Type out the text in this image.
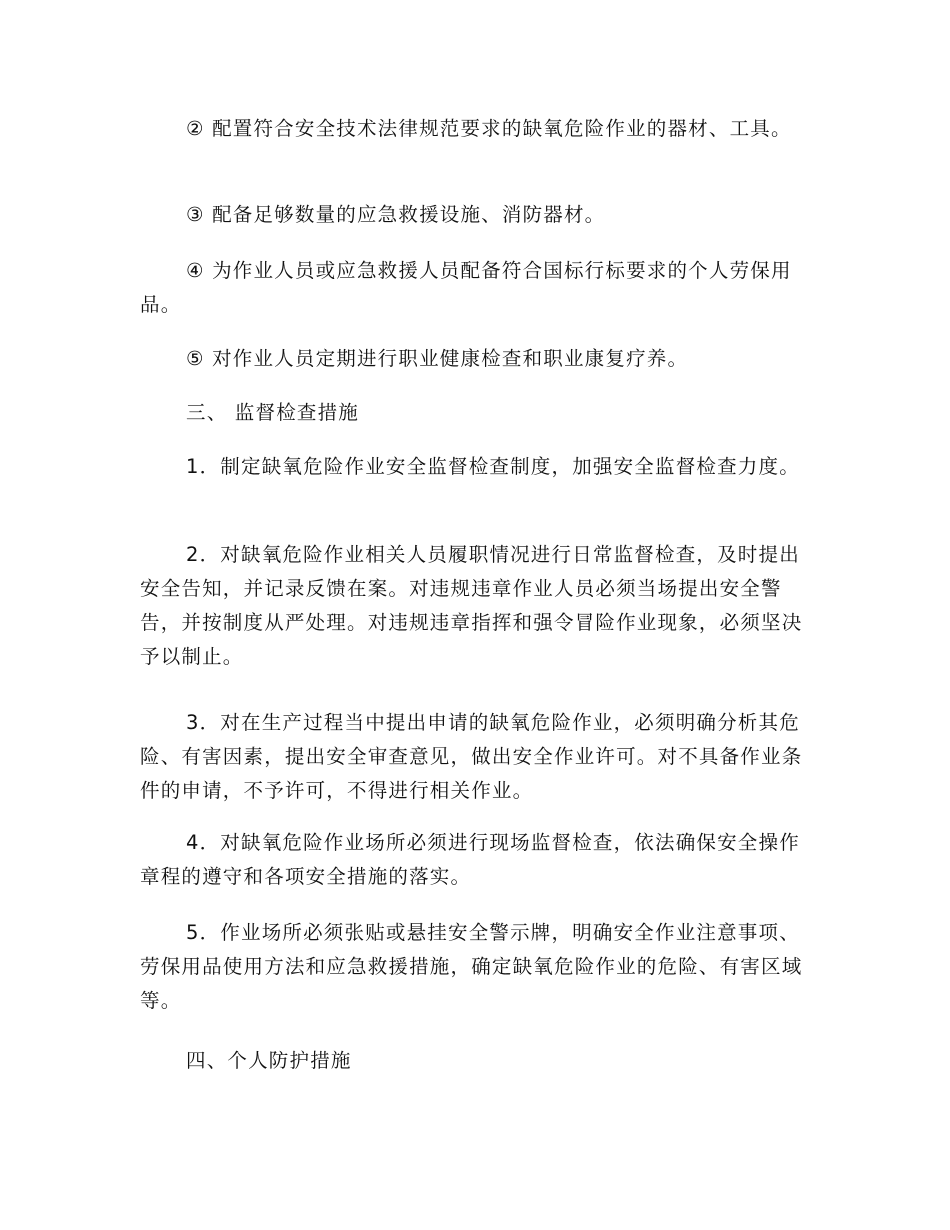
② 配置符合安全技术法律规范要求的缺氧危险作业的器材、工具。

③ 配备足够数量的应急救援设施、消防器材。

④ 为作业人员或应急救援人员配备符合国标行标要求的个人劳保用品。

⑤ 对作业人员定期进行职业健康检查和职业康复疗养。

三、 监督检查措施

1．制定缺氧危险作业安全监督检查制度，加强安全监督检查力度。

2．对缺氧危险作业相关人员履职情况进行日常监督检查，及时提出安全告知，并记录反馈在案。对违规违章作业人员必须当场提出安全警告，并按制度从严处理。对违规违章指挥和强令冒险作业现象，必须坚决予以制止。

3．对在生产过程当中提出申请的缺氧危险作业，必须明确分析其危险、有害因素，提出安全审查意见，做出安全作业许可。对不具备作业条件的申请，不予许可，不得进行相关作业。

4．对缺氧危险作业场所必须进行现场监督检查，依法确保安全操作章程的遵守和各项安全措施的落实。

5．作业场所必须张贴或悬挂安全警示牌，明确安全作业注意事项、劳保用品使用方法和应急救援措施，确定缺氧危险作业的危险、有害区域等。

四、个人防护措施
